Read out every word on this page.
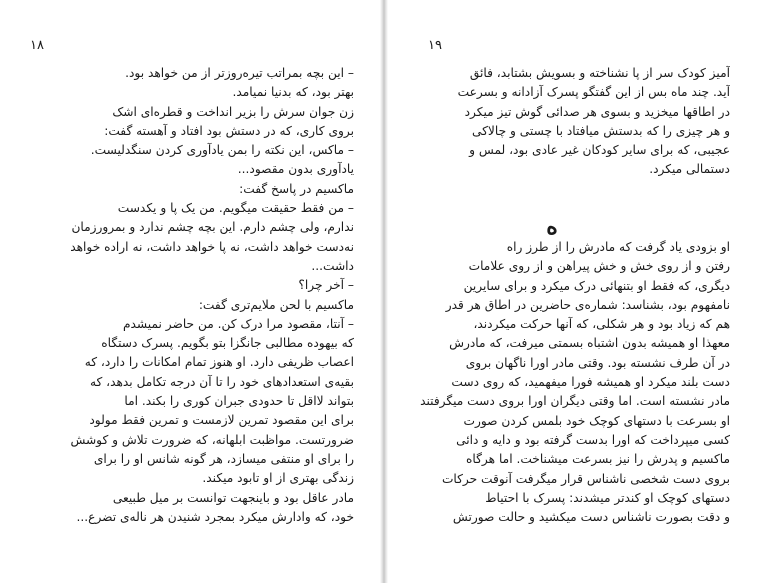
١٨
– این بچه بمراتب تیره‌روزتر از من خواهد بود.
بهتر بود، که بدنیا نمیامد.
زن جوان سرش را بزیر انداخت و قطره‌ای اشک
بروی کاری، که در دستش بود افتاد و آهسته گفت:
– ماکس، این نکته را بمن یادآوری کردن سنگدلیست.
یادآوری بدون مقصود...
ماکسیم در پاسخ گفت:
– من فقط حقیقت میگویم. من یک پا و یکدست
ندارم، ولی چشم دارم. این بچه چشم ندارد و بمرورزمان
نه‌دست خواهد داشت، نه پا خواهد داشت، نه اراده خواهد
داشت...
– آخر چرا؟
ماکسیم با لحن ملایم‌تری گفت:
– آنتا، مقصود مرا درک کن. من حاضر نمیشدم
که بیهوده مطالبی جانگزا بتو بگویم. پسرک دستگاه
اعصاب ظریفی دارد. او هنوز تمام امکانات را دارد، که
بقیه‌ی استعدادهای خود را تا آن درجه تکامل بدهد، که
بتواند لااقل تا حدودی جبران کوری را بکند. اما
برای این مقصود تمرین لازمست و تمرین فقط مولود
ضرورتست. مواظبت ابلهانه، که ضرورت تلاش و کوشش
را برای او منتفی میسازد، هر گونه شانس او را برای
زندگی بهتری از او تابود میکند.
مادر عاقل بود و باینجهت توانست بر میل طبیعی
خود، که وادارش میکرد بمجرد شنیدن هر ناله‌ی تضرع...
١٩
آمیز کودک سر از پا نشناخته و بسویش بشتابد، فائق
آید. چند ماه بس از این گفتگو پسرک آزادانه و بسرعت
در اطاقها میخزید و بسوی هر صدائی گوش تیز میکرد
و هر چیزی را که بدستش میافتاد با چستی و چالاکی
عجیبی، که برای سایر کودکان غیر عادی بود، لمس و
دستمالی میکرد.
او بزودی یاد گرفت که مادرش را از طرز راه
رفتن و از روی خش و خش پیراهن و از روی علامات
دیگری، که فقط او بتنهائی درک میکرد و برای سایرین
نامفهوم بود، بشناسد: شماره‌ی حاضرین در اطاق هر قدر
هم که زیاد بود و هر شکلی، که آنها حرکت میکردند،
معهذا او همیشه بدون اشتباه بسمتی میرفت، که مادرش
در آن طرف نشسته بود. وقتی مادر اورا ناگهان بروی
دست بلند میکرد او همیشه فورا میفهمید، که روی دست
مادر نشسته است. اما وقتی دیگران اورا بروی دست میگرفتند
او بسرعت با دستهای کوچک خود بلمس کردن صورت
کسی میپرداخت که اورا بدست گرفته بود و دایه و دائی
ماکسیم و پدرش را نیز بسرعت میشناخت. اما هرگاه
بروی دست شخصی ناشناس قرار میگرفت آنوقت حرکات
دستهای کوچک او کندتر میشدند: پسرک با احتیاط
و دقت بصورت ناشناس دست میکشید و حالت صورتش
ه
